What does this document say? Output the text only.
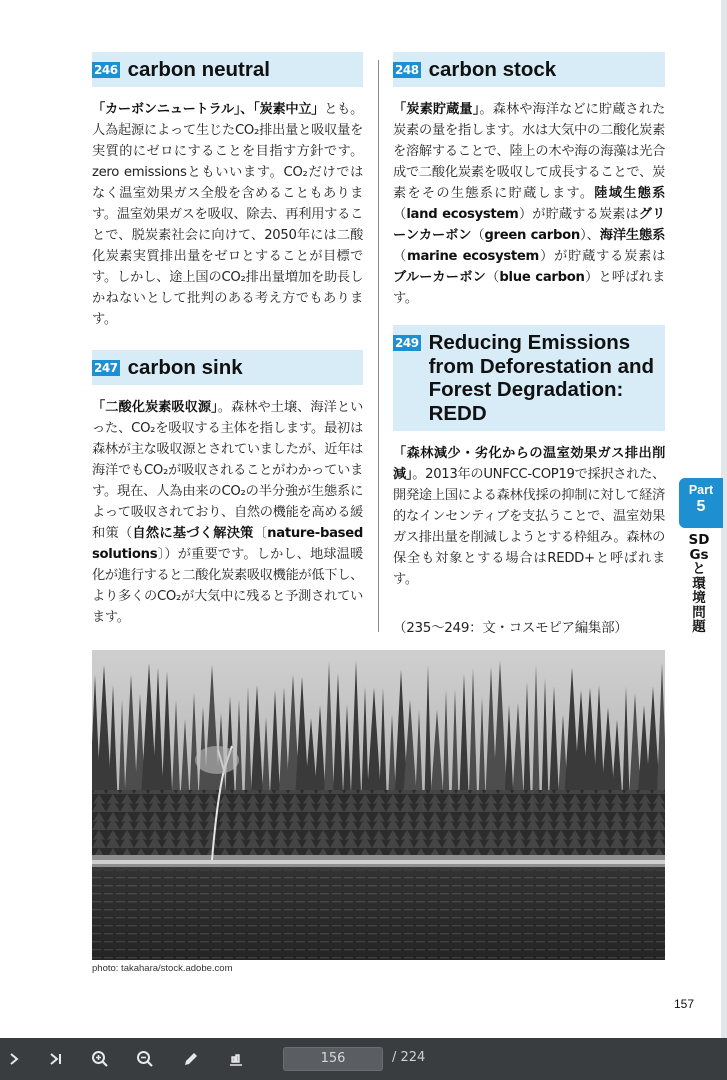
246 carbon neutral

「カーボンニュートラル」、「炭素中立」とも。人為起源によって生じたCO₂排出量と吸収量を実質的にゼロにすることを目指す方針です。zero emissionsともいいます。CO₂だけではなく温室効果ガス全般を含めることもあります。温室効果ガスを吸収、除去、再利用することで、脱炭素社会に向けて、2050年には二酸化炭素実質排出量をゼロとすることが目標です。しかし、途上国のCO₂排出量増加を助長しかねないとして批判のある考え方でもあります。

247 carbon sink

「二酸化炭素吸収源」。森林や土壌、海洋といった、CO₂を吸収する主体を指します。最初は森林が主な吸収源とされていましたが、近年は海洋でもCO₂が吸収されることがわかっています。現在、人為由来のCO₂の半分強が生態系によって吸収されており、自然の機能を高める緩和策（自然に基づく解決策〔nature-based solutions〕）が重要です。しかし、地球温暖化が進行すると二酸化炭素吸収機能が低下し、より多くのCO₂が大気中に残ると予測されています。

248 carbon stock

「炭素貯蔵量」。森林や海洋などに貯蔵された炭素の量を指します。水は大気中の二酸化炭素を溶解することで、陸上の木や海の海藻は光合成で二酸化炭素を吸収して成長することで、炭素をその生態系に貯蔵します。陸域生態系（land ecosystem）が貯蔵する炭素はグリーンカーボン（green carbon）、海洋生態系（marine ecosystem）が貯蔵する炭素はブルーカーボン（blue carbon）と呼ばれます。

249 Reducing Emissions from Deforestation and Forest Degradation: REDD

「森林減少・劣化からの温室効果ガス排出削減」。2013年のUNFCC-COP19で採択された、開発途上国による森林伐採の抑制に対して経済的なインセンティブを支払うことで、温室効果ガス排出量を削減しようとする枠組み。森林の保全も対象とする場合はREDD+と呼ばれます。

（235～249：文・コスモピア編集部）

Part
5
SDGsと環境問題
photo: takahara/stock.adobe.com
157
156	/ 224
